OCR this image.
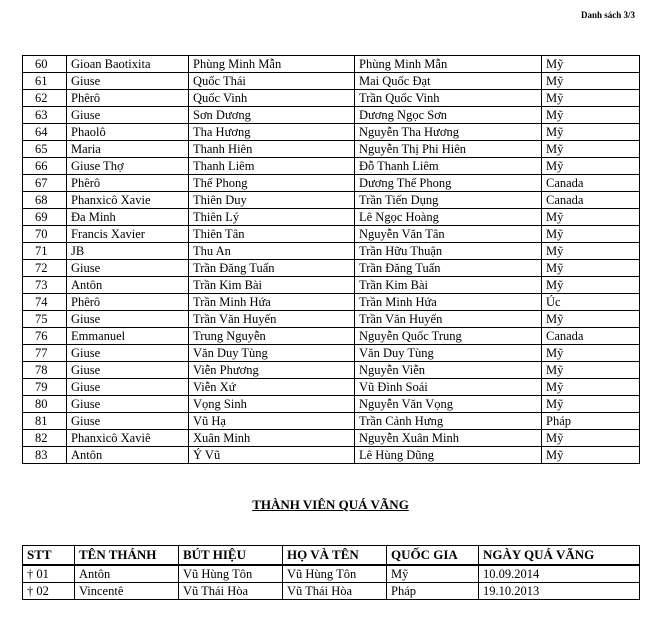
Danh sách 3/3
60	Gioan Baotixita	Phùng Minh Mẫn	Phùng Minh Mẫn	Mỹ
61	Giuse	Quốc Thái	Mai Quốc Đạt	Mỹ
62	Phêrô	Quốc Vinh	Trần Quốc Vinh	Mỹ
63	Giuse	Sơn Dương	Dương Ngọc Sơn	Mỹ
64	Phaolô	Tha Hương	Nguyễn Tha Hương	Mỹ
65	Maria	Thanh Hiên	Nguyễn Thị Phi Hiên	Mỹ
66	Giuse Thợ	Thanh Liêm	Đỗ Thanh Liêm	Mỹ
67	Phêrô	Thế Phong	Dương Thế Phong	Canada
68	Phanxicô Xavie	Thiên Duy	Trần Tiến Dụng	Canada
69	Đa Minh	Thiên Lý	Lê Ngọc Hoàng	Mỹ
70	Francis Xavier	Thiên Tân	Nguyễn Văn Tân	Mỹ
71	JB	Thu An	Trần Hữu Thuận	Mỹ
72	Giuse	Trần Đăng Tuấn	Trần Đăng Tuấn	Mỹ
73	Antôn	Trần Kim Bài	Trần Kim Bài	Mỹ
74	Phêrô	Trần Minh Hứa	Trần Minh Hứa	Úc
75	Giuse	Trần Văn Huyến	Trần Văn Huyến	Mỹ
76	Emmanuel	Trung Nguyễn	Nguyễn Quốc Trung	Canada
77	Giuse	Văn Duy Tùng	Văn Duy Tùng	Mỹ
78	Giuse	Viễn Phương	Nguyễn Viễn	Mỹ
79	Giuse	Viễn Xứ	Vũ Đình Soái	Mỹ
80	Giuse	Vọng Sinh	Nguyễn Văn Vọng	Mỹ
81	Giuse	Vũ Hạ	Trần Cảnh Hưng	Pháp
82	Phanxicô Xaviê	Xuân Minh	Nguyễn Xuân Minh	Mỹ
83	Antôn	Ý Vũ	Lê Hùng Dũng	Mỹ
THÀNH VIÊN QUÁ VÃNG
STT	TÊN THÁNH	BÚT HIỆU	HỌ VÀ TÊN	QUỐC GIA	NGÀY QUÁ VÃNG
† 01	Antôn	Vũ Hùng Tôn	Vũ Hùng Tôn	Mỹ	10.09.2014
† 02	Vincentê	Vũ Thái Hòa	Vũ Thái Hòa	Pháp	19.10.2013
